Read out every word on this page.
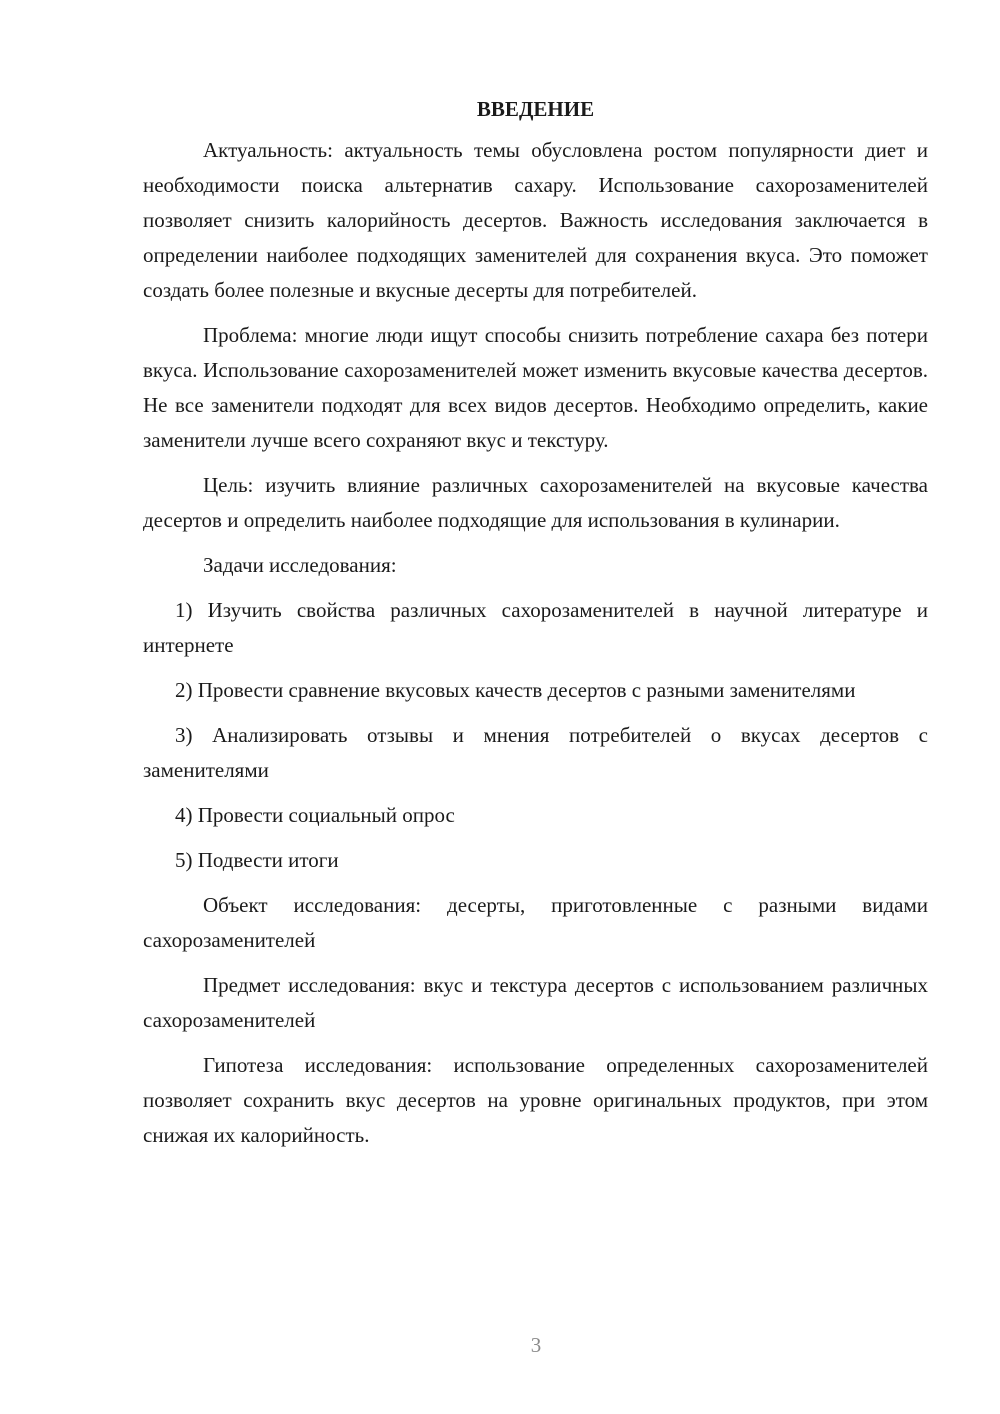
ВВЕДЕНИЕ

Актуальность: актуальность темы обусловлена ростом популярности диет и необходимости поиска альтернатив сахару. Использование сахорозаменителей позволяет снизить калорийность десертов. Важность исследования заключается в определении наиболее подходящих заменителей для сохранения вкуса. Это поможет создать более полезные и вкусные десерты для потребителей.

Проблема: многие люди ищут способы снизить потребление сахара без потери вкуса. Использование сахорозаменителей может изменить вкусовые качества десертов. Не все заменители подходят для всех видов десертов. Необходимо определить, какие заменители лучше всего сохраняют вкус и текстуру.

Цель: изучить влияние различных сахорозаменителей на вкусовые качества десертов и определить наиболее подходящие для использования в кулинарии.

Задачи исследования:

1) Изучить свойства различных сахорозаменителей в научной литературе и интернете

2) Провести сравнение вкусовых качеств десертов с разными заменителями

3) Анализировать отзывы и мнения потребителей о вкусах десертов с заменителями

4) Провести социальный опрос

5) Подвести итоги

Объект исследования: десерты, приготовленные с разными видами сахорозаменителей

Предмет исследования: вкус и текстура десертов с использованием различных сахорозаменителей

Гипотеза исследования: использование определенных сахорозаменителей позволяет сохранить вкус десертов на уровне оригинальных продуктов, при этом снижая их калорийность.

3
